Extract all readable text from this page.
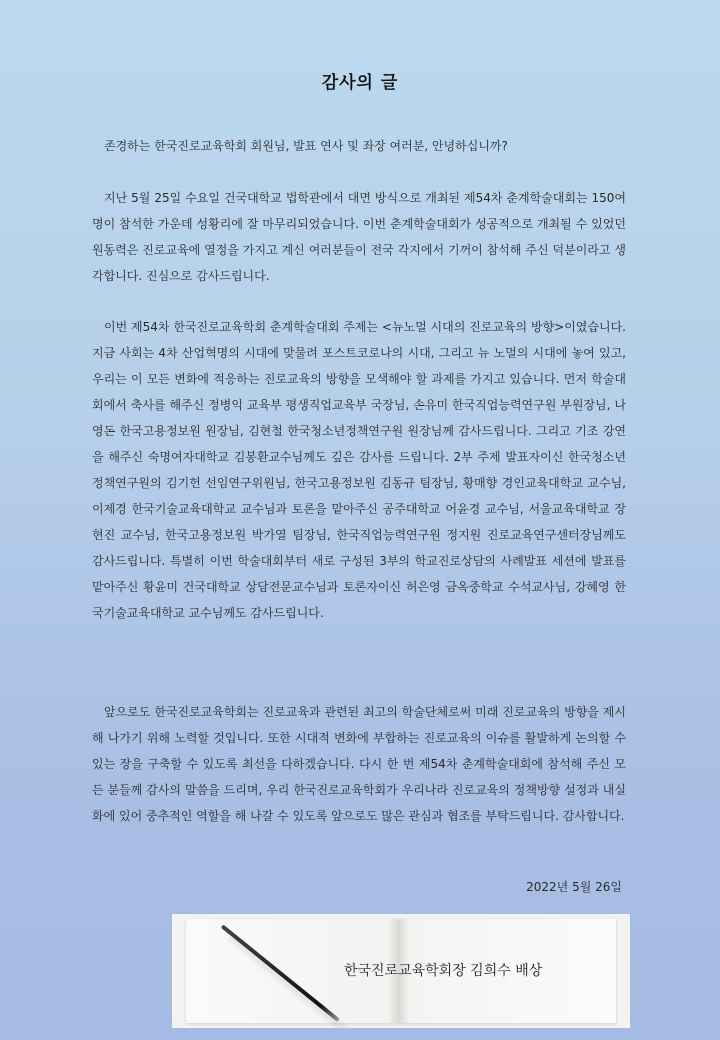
감사의 글
존경하는 한국진로교육학회 회원님, 발표 연사 및 좌장 여러분, 안녕하십니까?
지난 5월 25일 수요일 건국대학교 법학관에서 대면 방식으로 개최된 제54차 춘계학술대회는 150여 명이 참석한 가운데 성황리에 잘 마무리되었습니다. 이번 춘계학술대회가 성공적으로 개최될 수 있었던 원동력은 진로교육에 열정을 가지고 계신 여러분들이 전국 각지에서 기꺼이 참석해 주신 덕분이라고 생각합니다. 진심으로 감사드립니다.
이번 제54차 한국진로교육학회 춘계학술대회 주제는 <뉴노멀 시대의 진로교육의 방향>이였습니다. 지금 사회는 4차 산업혁명의 시대에 맞물려 포스트코로나의 시대, 그리고 뉴 노멀의 시대에 놓여 있고, 우리는 이 모든 변화에 적응하는 진로교육의 방향을 모색해야 할 과제를 가지고 있습니다. 먼저 학술대회에서 축사를 해주신 정병익 교육부 평생직업교육부 국장님, 손유미 한국직업능력연구원 부원장님, 나영돈 한국고용정보원 원장님, 김현철 한국청소년정책연구원 원장님께 감사드립니다. 그리고 기조 강연을 해주신 숙명여자대학교 김봉환교수님께도 깊은 감사를 드립니다. 2부 주제 발표자이신 한국청소년정책연구원의 김기헌 선임연구위원님, 한국고용정보원 김동규 팀장님, 황매향 경인교육대학교 교수님, 이제경 한국기술교육대학교 교수님과 토론을 맡아주신 공주대학교 어윤경 교수님, 서울교육대학교 장현진 교수님, 한국고용정보원 박가열 팀장님, 한국직업능력연구원 정지원 진로교육연구센터장님께도 감사드립니다. 특별히 이번 학술대회부터 새로 구성된 3부의 학교진로상담의 사례발표 세션에 발표를 맡아주신 황윤미 건국대학교 상담전문교수님과 토론자이신 허은영 금옥중학교 수석교사님, 강혜영 한국기술교육대학교 교수님께도 감사드립니다.
앞으로도 한국진로교육학회는 진로교육과 관련된 최고의 학술단체로써 미래 진로교육의 방향을 제시해 나가기 위해 노력할 것입니다. 또한 시대적 변화에 부합하는 진로교육의 이슈를 활발하게 논의할 수 있는 장을 구축할 수 있도록 최선을 다하겠습니다. 다시 한 번 제54차 춘계학술대회에 참석해 주신 모든 분들께 감사의 말씀을 드리며, 우리 한국진로교육학회가 우리나라 진로교육의 정책방향 설정과 내실화에 있어 중추적인 역할을 해 나갈 수 있도록 앞으로도 많은 관심과 협조를 부탁드립니다. 감사합니다.
2022년 5월 26일
한국진로교육학회장 김희수 배상
